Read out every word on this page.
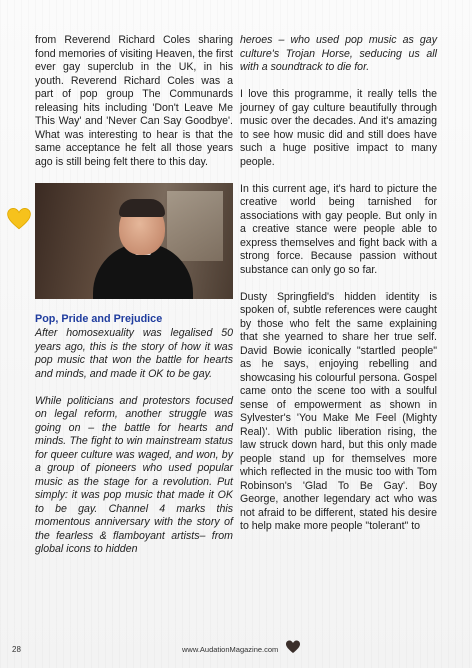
from Reverend Richard Coles sharing fond memories of visiting Heaven, the first ever gay superclub in the UK, in his youth. Reverend Richard Coles was a part of pop group The Communards releasing hits including 'Don't Leave Me This Way' and 'Never Can Say Goodbye'. What was interesting to hear is that the same acceptance he felt all those years ago is still being felt there to this day.

Pop, Pride and Prejudice

After homosexuality was legalised 50 years ago, this is the story of how it was pop music that won the battle for hearts and minds, and made it OK to be gay.

While politicians and protestors focused on legal reform, another struggle was going on – the battle for hearts and minds. The fight to win mainstream status for queer culture was waged, and won, by a group of pioneers who used popular music as the stage for a revolution. Put simply: it was pop music that made it OK to be gay. Channel 4 marks this momentous anniversary with the story of the fearless & flamboyant artists– from global icons to hidden

heroes – who used pop music as gay culture's Trojan Horse, seducing us all with a soundtrack to die for.

I love this programme, it really tells the journey of gay culture beautifully through music over the decades. And it's amazing to see how music did and still does have such a huge positive impact to many people.

In this current age, it's hard to picture the creative world being tarnished for associations with gay people. But only in a creative stance were people able to express themselves and fight back with a strong force. Because passion without substance can only go so far.

Dusty Springfield's hidden identity is spoken of, subtle references were caught by those who felt the same explaining that she yearned to share her true self. David Bowie iconically "startled people" as he says, enjoying rebelling and showcasing his colourful persona. Gospel came onto the scene too with a soulful sense of empowerment as shown in Sylvester's 'You Make Me Feel (Mighty Real)'. With public liberation rising, the law struck down hard, but this only made people stand up for themselves more which reflected in the music too with Tom Robinson's 'Glad To Be Gay'. Boy George, another legendary act who was not afraid to be different, stated his desire to help make more people "tolerant" to

28	www.AudationMagazine.com
